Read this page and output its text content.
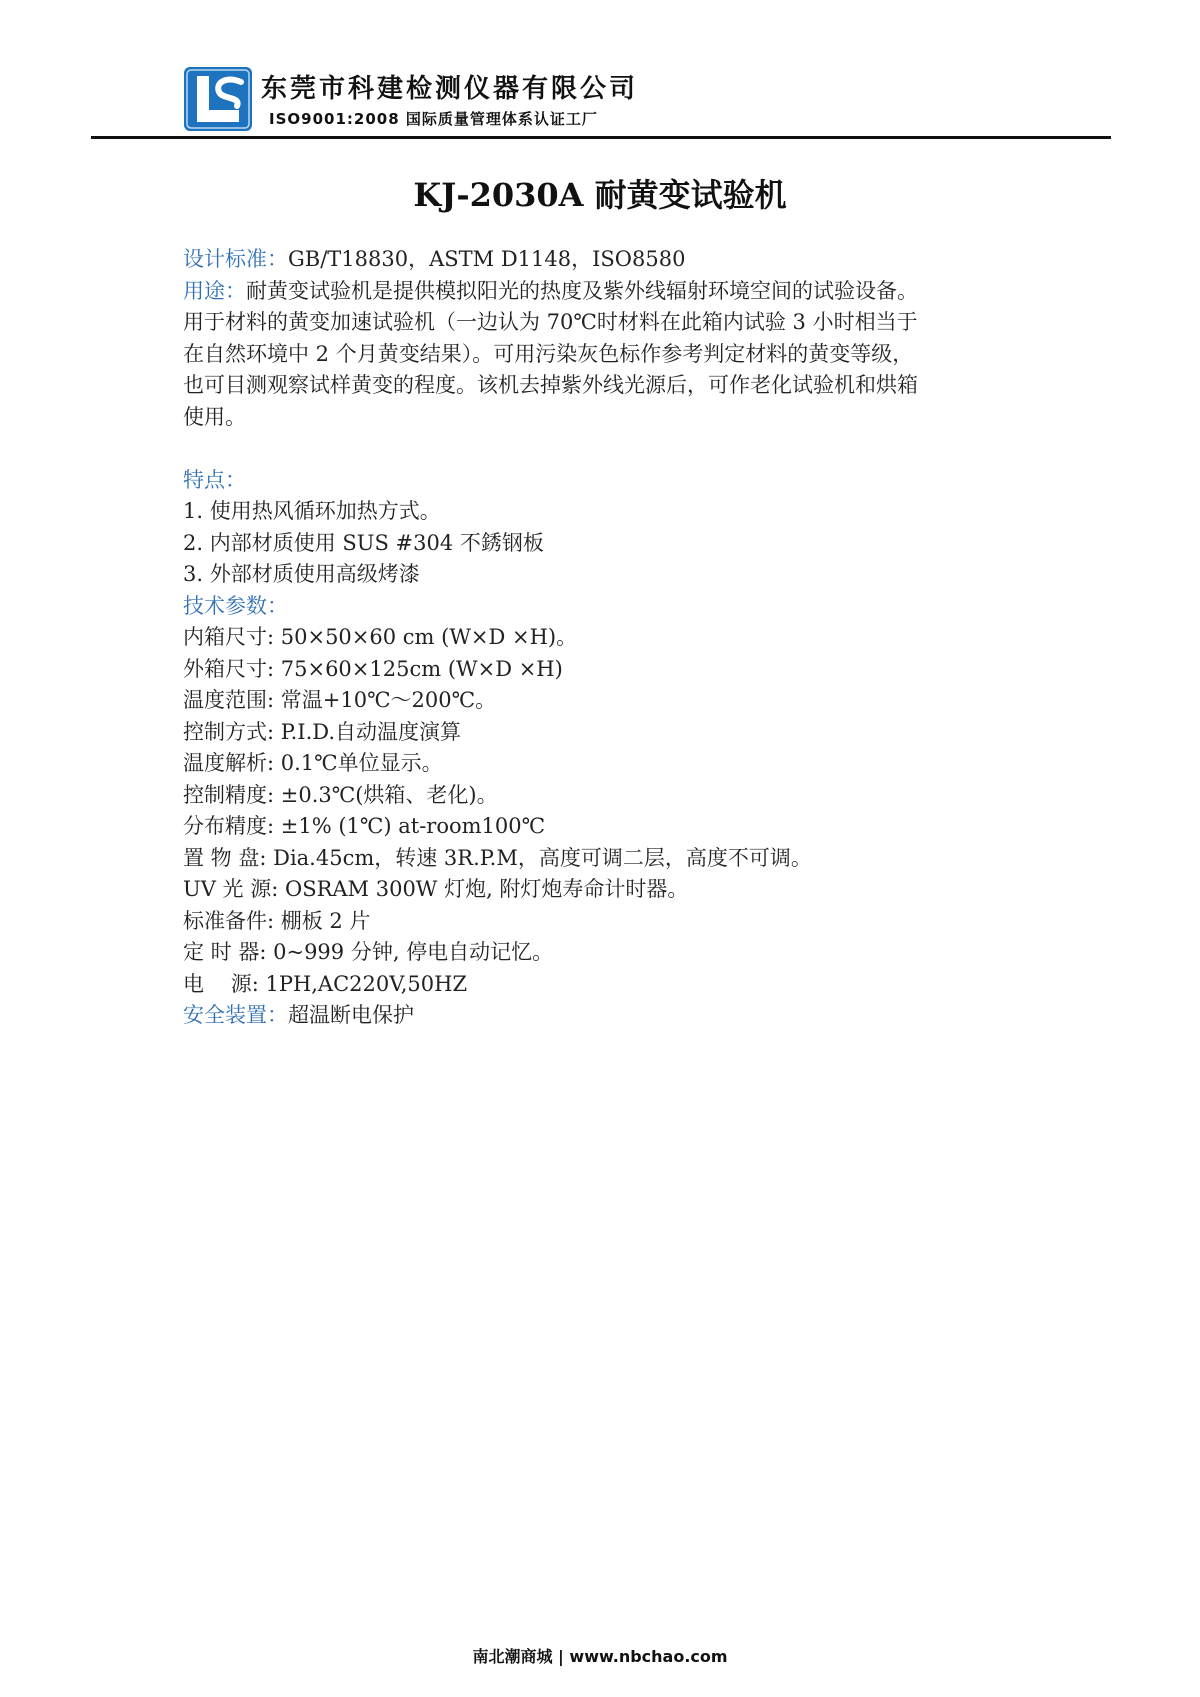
东莞市科建检测仪器有限公司
ISO9001:2008 国际质量管理体系认证工厂
KJ-2030A 耐黄变试验机
设计标准：GB/T18830，ASTM D1148，ISO8580
用途：耐黄变试验机是提供模拟阳光的热度及紫外线辐射环境空间的试验设备。
用于材料的黄变加速试验机（一边认为 70℃时材料在此箱内试验 3 小时相当于
在自然环境中 2 个月黄变结果）。可用污染灰色标作参考判定材料的黄变等级，
也可目测观察试样黄变的程度。该机去掉紫外线光源后，可作老化试验机和烘箱
使用。
特点：
1. 使用热风循环加热方式。
2. 内部材质使用 SUS #304 不銹钢板
3. 外部材质使用高级烤漆
技术参数：
内箱尺寸: 50×50×60 cm (W×D ×H)。
外箱尺寸: 75×60×125cm (W×D ×H)
温度范围: 常温+10℃～200℃。
控制方式: P.I.D.自动温度演算
温度解析: 0.1℃单位显示。
控制精度: ±0.3℃(烘箱、老化)。
分布精度: ±1% (1℃) at-room100℃
置 物 盘: Dia.45cm，转速 3R.P.M，高度可调二层，高度不可调。
UV 光 源: OSRAM 300W 灯炮, 附灯炮寿命计时器。
标准备件: 棚板 2 片
定 时 器: 0~999 分钟, 停电自动记忆。
电    源: 1PH,AC220V,50HZ
安全装置：超温断电保护
南北潮商城 | www.nbchao.com
